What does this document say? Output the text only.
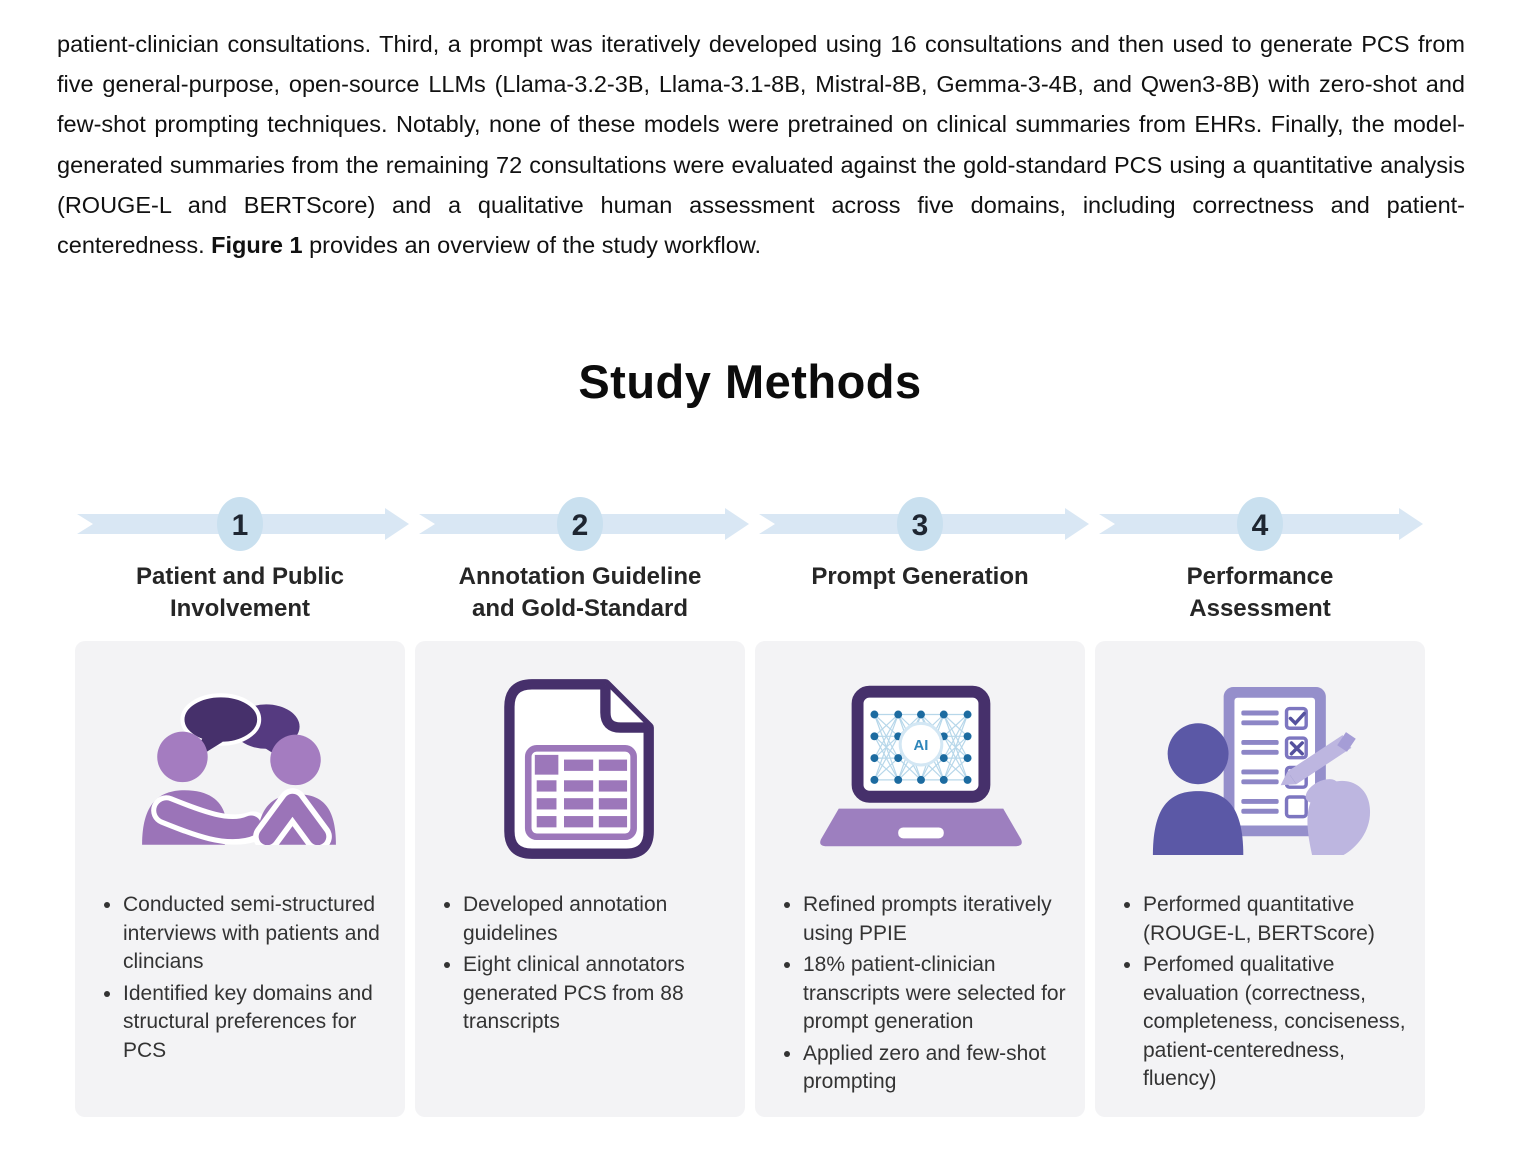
patient-clinician consultations. Third, a prompt was iteratively developed using 16 consultations and then used to generate PCS from five general-purpose, open-source LLMs (Llama-3.2-3B, Llama-3.1-8B, Mistral-8B, Gemma-3-4B, and Qwen3-8B) with zero-shot and few-shot prompting techniques. Notably, none of these models were pretrained on clinical summaries from EHRs. Finally, the model-generated summaries from the remaining 72 consultations were evaluated against the gold-standard PCS using a quantitative analysis (ROUGE-L and BERTScore) and a qualitative human assessment across five domains, including correctness and patient-centeredness. Figure 1 provides an overview of the study workflow.
Study Methods
1	2	3	4
Patient and Public Involvement
Annotation Guideline and Gold-Standard
Prompt Generation	Performance Assessment
• Conducted semi-structured interviews with patients and clincians
• Identified key domains and structural preferences for PCS
• Developed annotation guidelines
• Eight clinical annotators generated PCS from 88 transcripts
AI
• Refined prompts iteratively using PPIE
• 18% patient-clinician transcripts were selected for prompt generation
• Applied zero and few-shot prompting
• Performed quantitative (ROUGE-L, BERTScore)
• Perfomed qualitative evaluation (correctness, completeness, conciseness, patient-centeredness, fluency)
